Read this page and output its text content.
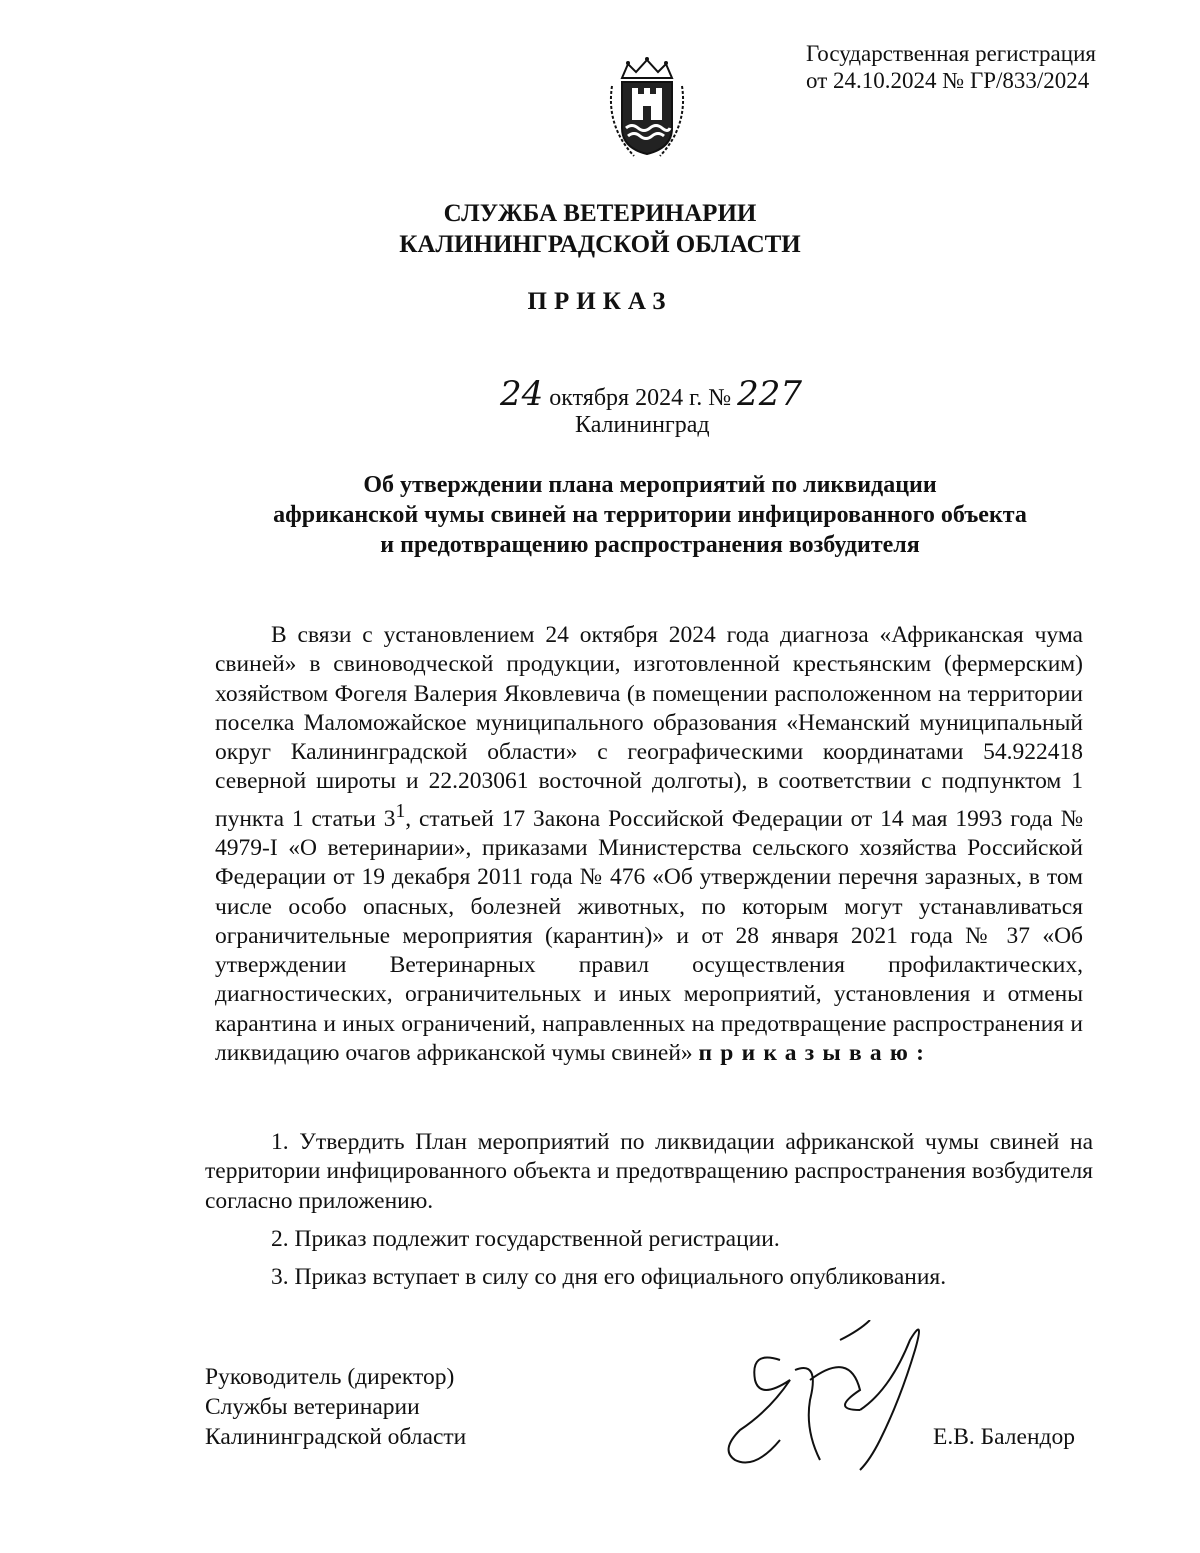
Государственная регистрация
от 24.10.2024 № ГР/833/2024
СЛУЖБА ВЕТЕРИНАРИИ
КАЛИНИНГРАДСКОЙ ОБЛАСТИ
ПРИКАЗ
24 октября 2024 г. № 227
Калининград
Об утверждении плана мероприятий по ликвидации
африканской чумы свиней на территории инфицированного объекта
и предотвращению распространения возбудителя
В связи с установлением 24 октября 2024 года диагноза «Африканская чума свиней» в свиноводческой продукции, изготовленной крестьянским (фермерским) хозяйством Фогеля Валерия Яковлевича (в помещении расположенном на территории поселка Маломожайское муниципального образования «Неманский муниципальный округ Калининградской области» с географическими координатами 54.922418 северной широты и 22.203061 восточной долготы), в соответствии с подпунктом 1 пункта 1 статьи $3^1$, статьей 17 Закона Российской Федерации от 14 мая 1993 года № 4979-I «О ветеринарии», приказами Министерства сельского хозяйства Российской Федерации от 19 декабря 2011 года № 476 «Об утверждении перечня заразных, в том числе особо опасных, болезней животных, по которым могут устанавливаться ограничительные мероприятия (карантин)» и от 28 января 2021 года № 37 «Об утверждении Ветеринарных правил осуществления профилактических, диагностических, ограничительных и иных мероприятий, установления и отмены карантина и иных ограничений, направленных на предотвращение распространения и ликвидацию очагов африканской чумы свиней» приказываю:

1. Утвердить План мероприятий по ликвидации африканской чумы свиней на территории инфицированного объекта и предотвращению распространения возбудителя согласно приложению.

2. Приказ подлежит государственной регистрации.

3. Приказ вступает в силу со дня его официального опубликования.

Руководитель (директор)
Службы ветеринарии
Калининградской области	Е.В. Балендор
